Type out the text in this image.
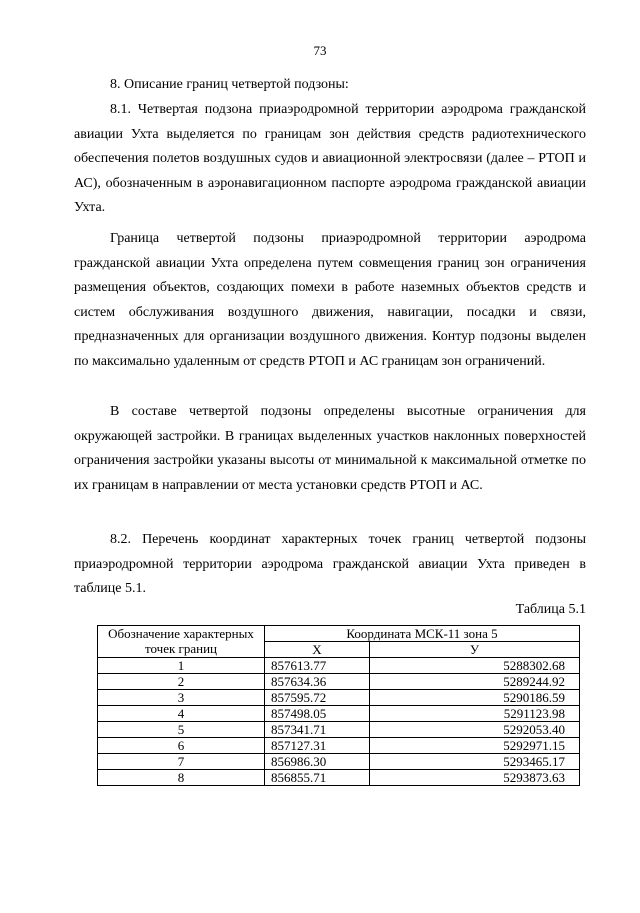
73

8. Описание границ четвертой подзоны:

8.1. Четвертая подзона приаэродромной территории аэродрома гражданской авиации Ухта выделяется по границам зон действия средств радиотехнического обеспечения полетов воздушных судов и авиационной электросвязи (далее – РТОП и АС), обозначенным в аэронавигационном паспорте аэродрома гражданской авиации Ухта.

Граница четвертой подзоны приаэродромной территории аэродрома гражданской авиации Ухта определена путем совмещения границ зон ограничения размещения объектов, создающих помехи в работе наземных объектов средств и систем обслуживания воздушного движения, навигации, посадки и связи, предназначенных для организации воздушного движения. Контур подзоны выделен по максимально удаленным от средств РТОП и АС границам зон ограничений.

В составе четвертой подзоны определены высотные ограничения для окружающей застройки. В границах выделенных участков наклонных поверхностей ограничения застройки указаны высоты от минимальной к максимальной отметке по их границам в направлении от места установки средств РТОП и АС.

8.2. Перечень координат характерных точек границ четвертой подзоны приаэродромной территории аэродрома гражданской авиации Ухта приведен в таблице 5.1.

Таблица 5.1
Обозначение характерных точек границ	Координата МСК-11 зона 5	
	X	У
1	857613.77	5288302.68
2	857634.36	5289244.92
3	857595.72	5290186.59
4	857498.05	5291123.98
5	857341.71	5292053.40
6	857127.31	5292971.15
7	856986.30	5293465.17
8	856855.71	5293873.63
